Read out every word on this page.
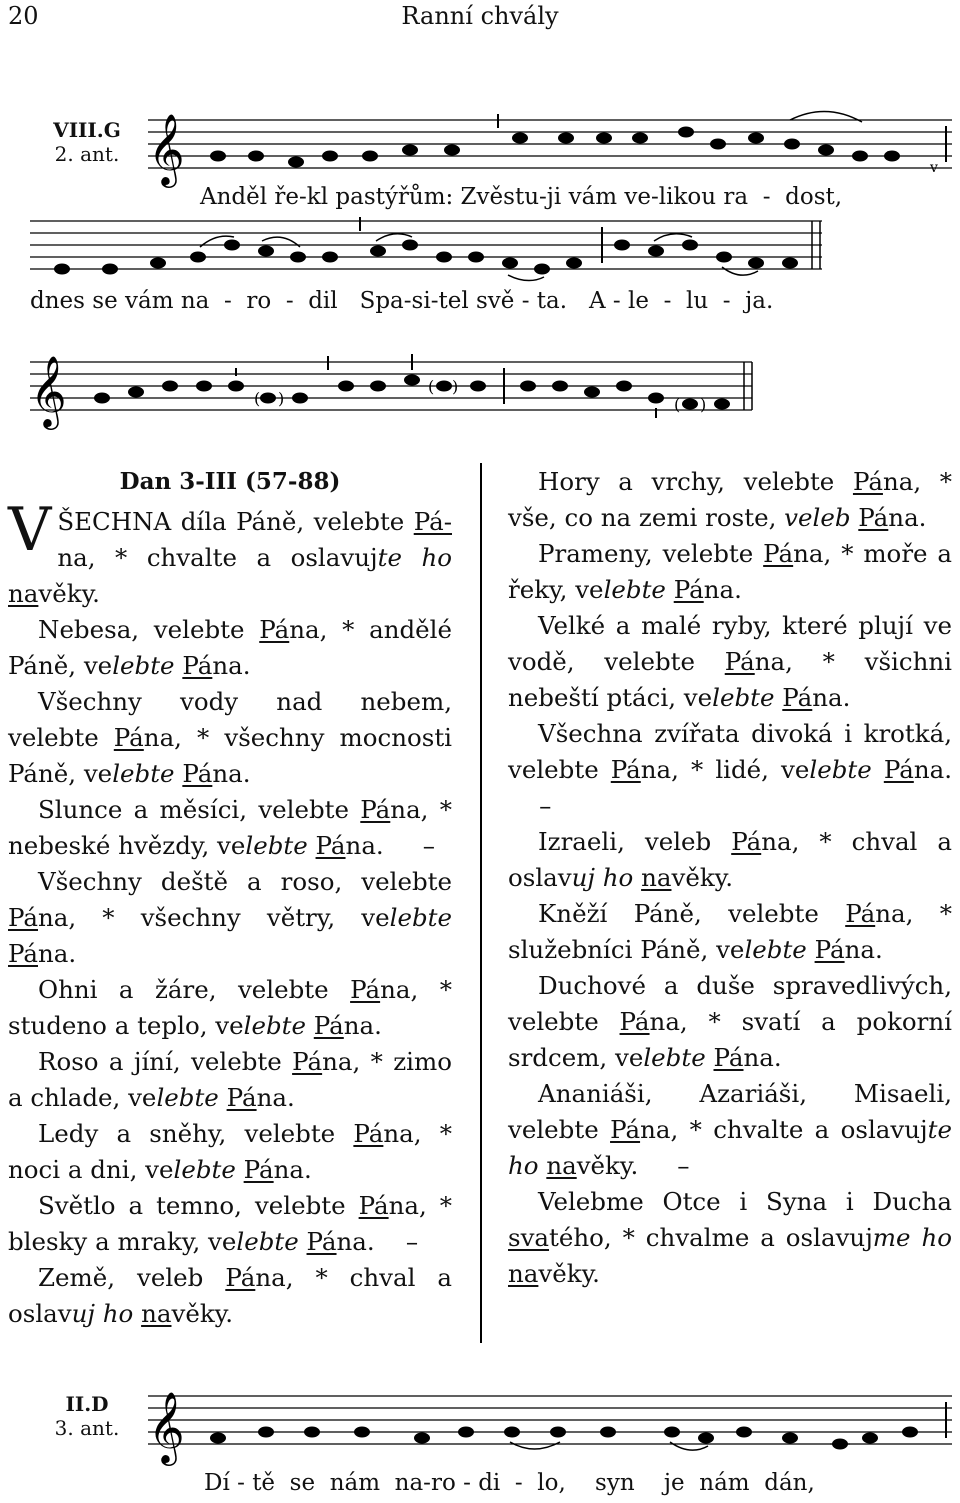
20	Ranní chvály
VIII.G
2. ant. 𝄞	v
Anděl ře-kl pastýřům: Zvěstu-ji vám ve-likou ra  -  dost,
dnes se vám na  -  ro  -  dil   Spa-si-tel svě - ta.   A - le  -  lu  -  ja.
𝄞	( )
( )
( )
Dan 3-III (57-88)
VŠECHNA díla Páně, velebte Pá- na, * chvalte a oslavujte ho navěky.
Nebesa, velebte Pána, * andělé Páně, velebte Pána.
Všechny vody nad nebem, velebte Pána, * všechny mocnosti Páně, velebte Pána.
Slunce a měsíci, velebte Pána, * nebeské hvězdy, velebte Pána. –
Všechny deště a roso, velebte Pána, * všechny větry, velebte Pána.
Ohni a žáre, velebte Pána, * studeno a teplo, velebte Pána.
Roso a jíní, velebte Pána, * zimo a chlade, velebte Pána.
Ledy a sněhy, velebte Pána, * noci a dni, velebte Pána.
Světlo a temno, velebte Pána, * blesky a mraky, velebte Pána. –
Země, veleb Pána, * chval a oslavuj ho navěky.
Hory a vrchy, velebte Pána, * vše, co na zemi roste, veleb Pána.
Prameny, velebte Pána, * moře a řeky, velebte Pána.
Velké a malé ryby, které plují ve vodě, velebte Pána, * všichni nebeští ptáci, velebte Pána.
Všechna zvířata divoká i krotká, velebte Pána, * lidé, velebte Pána.     –
Izraeli, veleb Pána, * chval a oslavuj ho navěky.
Kněží Páně, velebte Pána, * služebníci Páně, velebte Pána.
Duchové a duše spravedlivých, velebte Pána, * svatí a pokorní srdcem, velebte Pána.
Ananiáši, Azariáši, Misaeli, velebte Pána, * chvalte a oslavujte ho navěky. –
Velebme Otce i Syna i Ducha svatého, * chvalme a oslavujme ho navěky.
II.D
3. ant. 𝄞
Dí - tě  se  nám  na-ro - di  -  lo,    syn    je  nám  dán,
